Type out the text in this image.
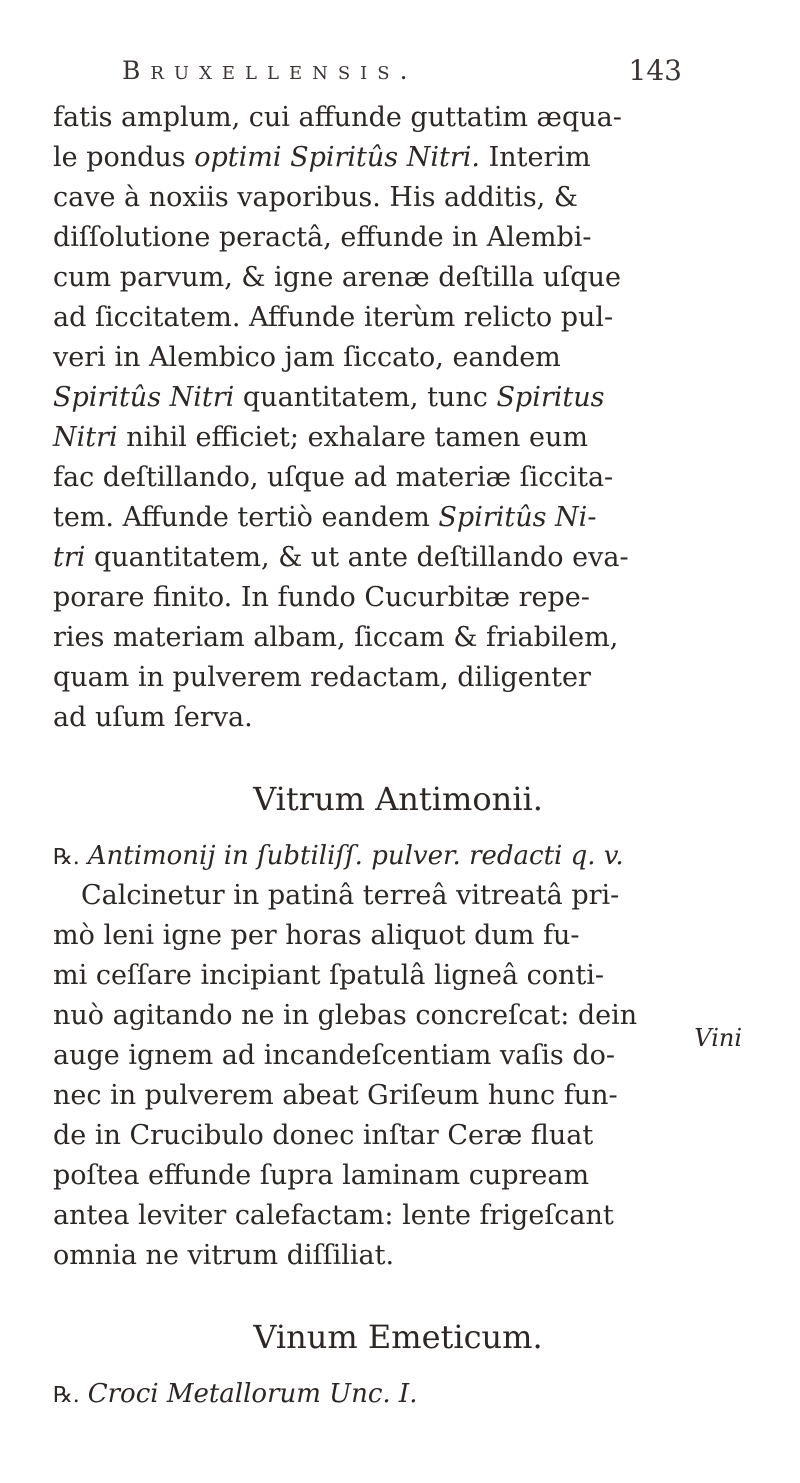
Bruxellensis.	143
fatis amplum, cui affunde guttatim æqua-
le pondus optimi Spiritûs Nitri. Interim
cave à noxiis vaporibus. His additis, &
diſſolutione peractâ, effunde in Alembi-
cum parvum, & igne arenæ deſtilla uſque
ad ſiccitatem. Affunde iterùm relicto pul-
veri in Alembico jam ſiccato, eandem
Spiritûs Nitri quantitatem, tunc Spiritus
Nitri nihil efficiet; exhalare tamen eum
fac deſtillando, uſque ad materiæ ſiccita-
tem. Affunde tertiò eandem Spiritûs Ni-
tri quantitatem, & ut ante deſtillando eva-
porare finito. In fundo Cucurbitæ repe-
ries materiam albam, ſiccam & friabilem,
quam in pulverem redactam, diligenter
ad uſum ſerva.
Vitrum Antimonii.
℞. Antimonij in ſubtiliſſ. pulver. redacti q. v.
Calcinetur in patinâ terreâ vitreatâ pri-
mò leni igne per horas aliquot dum fu-
mi ceſſare incipiant ſpatulâ ligneâ conti-
nuò agitando ne in glebas concreſcat: dein
auge ignem ad incandeſcentiam vaſis do-
nec in pulverem abeat Griſeum hunc fun-
de in Crucibulo donec inſtar Ceræ fluat
poſtea effunde ſupra laminam cupream
antea leviter calefactam: lente frigeſcant
omnia ne vitrum diſſiliat.
Vinum Emeticum.
℞. Croci Metallorum Unc. I.
Vini
